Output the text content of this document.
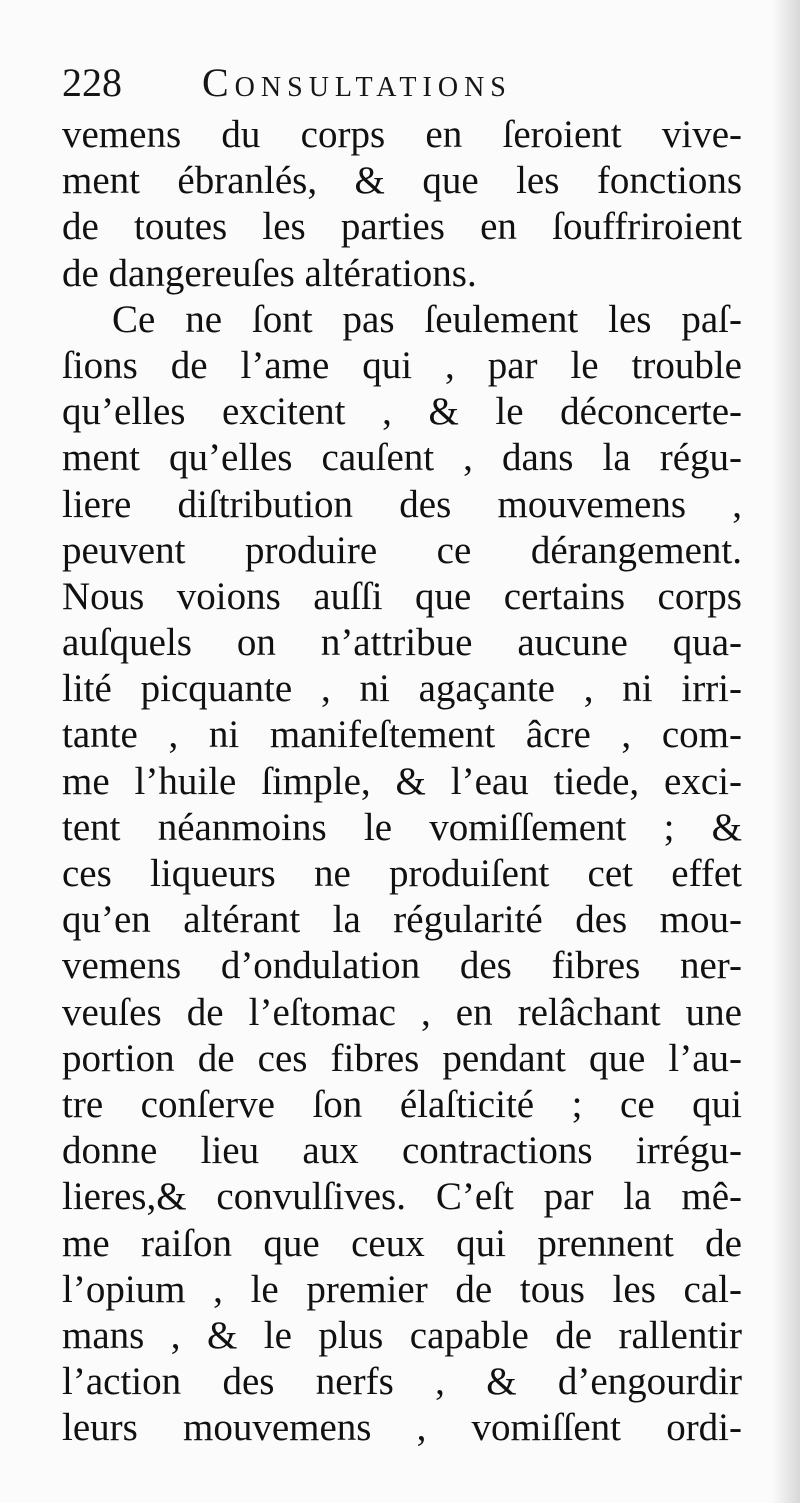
228 Consultations
vemens du corps en ſeroient vive-
ment ébranlés, & que les fonctions
de toutes les parties en ſouffriroient
de dangereuſes altérations.
Ce ne ſont pas ſeulement les paſ-
ſions de l’ame qui , par le trouble
qu’elles excitent , & le déconcerte-
ment qu’elles cauſent , dans la régu-
liere diſtribution des mouvemens ,
peuvent produire ce dérangement.
Nous voions auſſi que certains corps
auſquels on n’attribue aucune qua-
lité picquante , ni agaçante , ni irri-
tante , ni manifeſtement âcre , com-
me l’huile ſimple, & l’eau tiede, exci-
tent néanmoins le vomiſſement ; &
ces liqueurs ne produiſent cet effet
qu’en altérant la régularité des mou-
vemens d’ondulation des fibres ner-
veuſes de l’eſtomac , en relâchant une
portion de ces fibres pendant que l’au-
tre conſerve ſon élaſticité ; ce qui
donne lieu aux contractions irrégu-
lieres,& convulſives. C’eſt par la mê-
me raiſon que ceux qui prennent de
l’opium , le premier de tous les cal-
mans , & le plus capable de rallentir
l’action des nerfs , & d’engourdir
leurs mouvemens , vomiſſent ordi-
